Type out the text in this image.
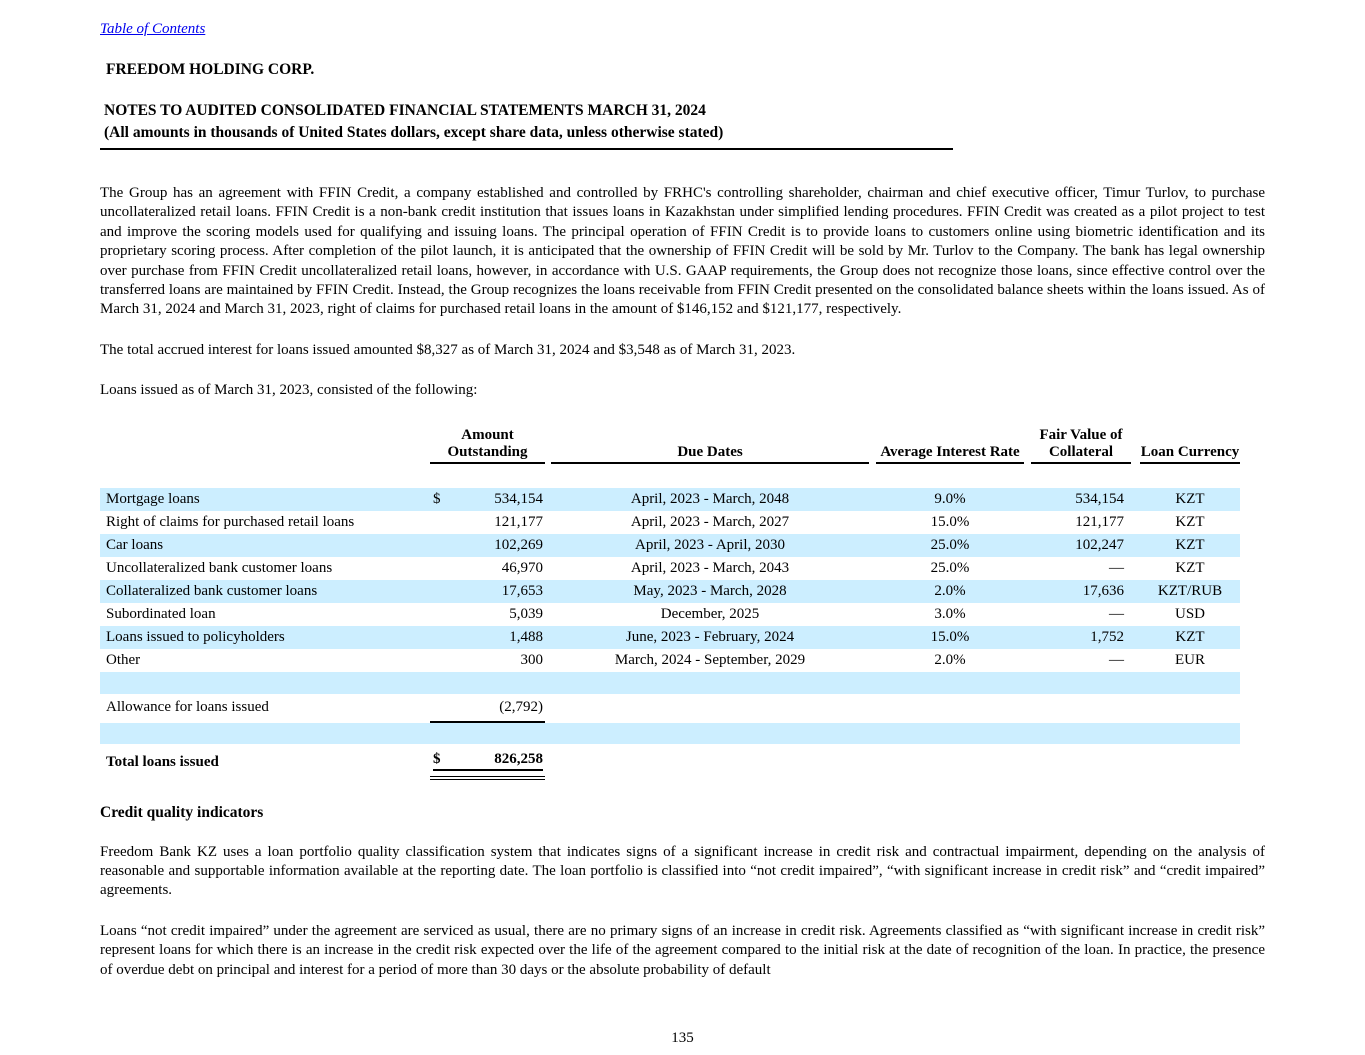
Table of Contents
FREEDOM HOLDING CORP.
NOTES TO AUDITED CONSOLIDATED FINANCIAL STATEMENTS MARCH 31, 2024
(All amounts in thousands of United States dollars, except share data, unless otherwise stated)

The Group has an agreement with FFIN Credit, a company established and controlled by FRHC's controlling shareholder, chairman and chief executive officer, Timur Turlov, to purchase uncollateralized retail loans. FFIN Credit is a non-bank credit institution that issues loans in Kazakhstan under simplified lending procedures. FFIN Credit was created as a pilot project to test and improve the scoring models used for qualifying and issuing loans. The principal operation of FFIN Credit is to provide loans to customers online using biometric identification and its proprietary scoring process. After completion of the pilot launch, it is anticipated that the ownership of FFIN Credit will be sold by Mr. Turlov to the Company. The bank has legal ownership over purchase from FFIN Credit uncollateralized retail loans, however, in accordance with U.S. GAAP requirements, the Group does not recognize those loans, since effective control over the transferred loans are maintained by FFIN Credit. Instead, the Group recognizes the loans receivable from FFIN Credit presented on the consolidated balance sheets within the loans issued. As of March 31, 2024 and March 31, 2023, right of claims for purchased retail loans in the amount of $146,152 and $121,177, respectively.

The total accrued interest for loans issued amounted $8,327 as of March 31, 2024 and $3,548 as of March 31, 2023.

Loans issued as of March 31, 2023, consisted of the following:

	Amount Outstanding			Due Dates		Average Interest Rate		Fair Value of Collateral		Loan Currency

Mortgage loans	$	534,154		April, 2023 - March, 2048		9.0%		534,154		KZT
Right of claims for purchased retail loans		121,177		April, 2023 - March, 2027		15.0%		121,177		KZT
Car loans		102,269		April, 2023 - April, 2030		25.0%		102,247		KZT
Uncollateralized bank customer loans		46,970		April, 2023 - March, 2043		25.0%		—		KZT
Collateralized bank customer loans		17,653		May, 2023 - March, 2028		2.0%		17,636		KZT/RUB
Subordinated loan		5,039		December, 2025		3.0%		—		USD
Loans issued to policyholders		1,488		June, 2023 - February, 2024		15.0%		1,752		KZT
Other		300		March, 2024 - September, 2029		2.0%		—		EUR

Allowance for loans issued		(2,792)								

Total loans issued	$	826,258								

Credit quality indicators

Freedom Bank KZ uses a loan portfolio quality classification system that indicates signs of a significant increase in credit risk and contractual impairment, depending on the analysis of reasonable and supportable information available at the reporting date. The loan portfolio is classified into “not credit impaired”, “with significant increase in credit risk” and “credit impaired” agreements.

Loans “not credit impaired” under the agreement are serviced as usual, there are no primary signs of an increase in credit risk. Agreements classified as “with significant increase in credit risk” represent loans for which there is an increase in the credit risk expected over the life of the agreement compared to the initial risk at the date of recognition of the loan. In practice, the presence of overdue debt on principal and interest for a period of more than 30 days or the absolute probability of default

135
